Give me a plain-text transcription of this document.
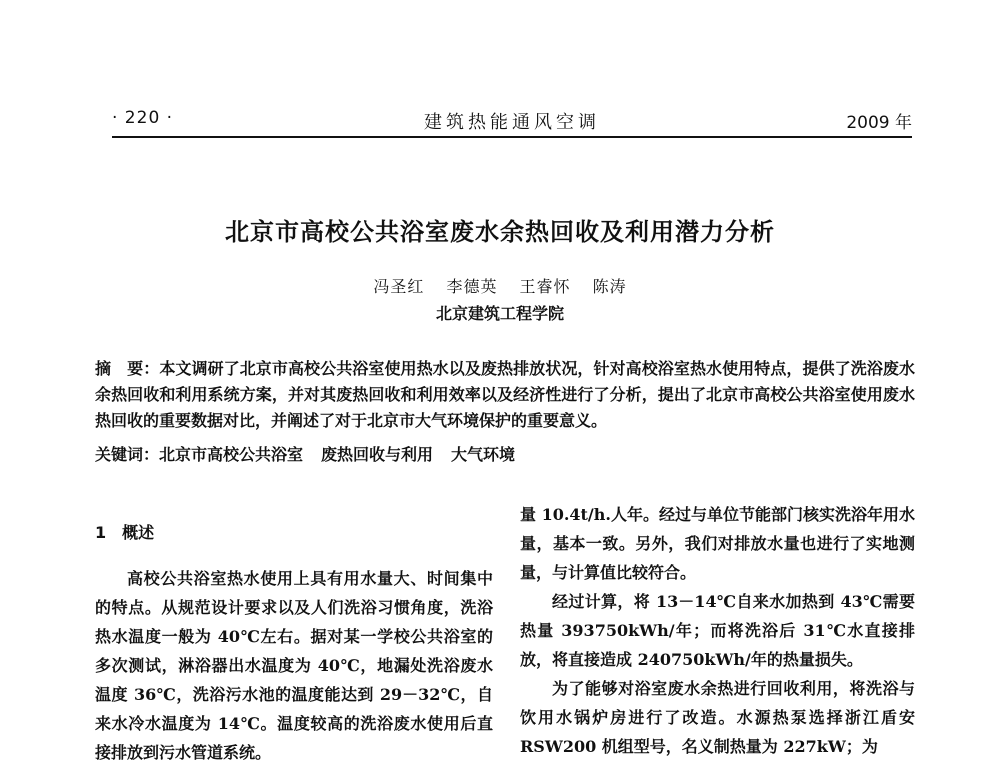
· 220 ·	建筑热能通风空调	2009 年
北京市高校公共浴室废水余热回收及利用潜力分析
冯圣红 李德英 王睿怀 陈涛
北京建筑工程学院
摘　要：本文调研了北京市高校公共浴室使用热水以及废热排放状况，针对高校浴室热水使用特点，提供了洗浴废水余热回收和利用系统方案，并对其废热回收和利用效率以及经济性进行了分析，提出了北京市高校公共浴室使用废水热回收的重要数据对比，并阐述了对于北京市大气环境保护的重要意义。
关键词：北京市高校公共浴室 废热回收与利用 大气环境
1 概述
高校公共浴室热水使用上具有用水量大、时间集中的特点。从规范设计要求以及人们洗浴习惯角度，洗浴热水温度一般为 40℃左右。据对某一学校公共浴室的多次测试，淋浴器出水温度为 40℃，地漏处洗浴废水温度 36℃，洗浴污水池的温度能达到 29－32℃，自来水冷水温度为 14℃。温度较高的洗浴废水使用后直接排放到污水管道系统。

量 10.4t/h.人年。经过与单位节能部门核实洗浴年用水量，基本一致。另外，我们对排放水量也进行了实地测量，与计算值比较符合。

经过计算，将 13－14℃自来水加热到 43℃需要热量 393750kWh/年；而将洗浴后 31℃水直接排放，将直接造成 240750kWh/年的热量损失。

为了能够对浴室废水余热进行回收利用，将洗浴与饮用水锅炉房进行了改造。水源热泵选择浙江盾安 RSW200 机组型号，名义制热量为 227kW；为
